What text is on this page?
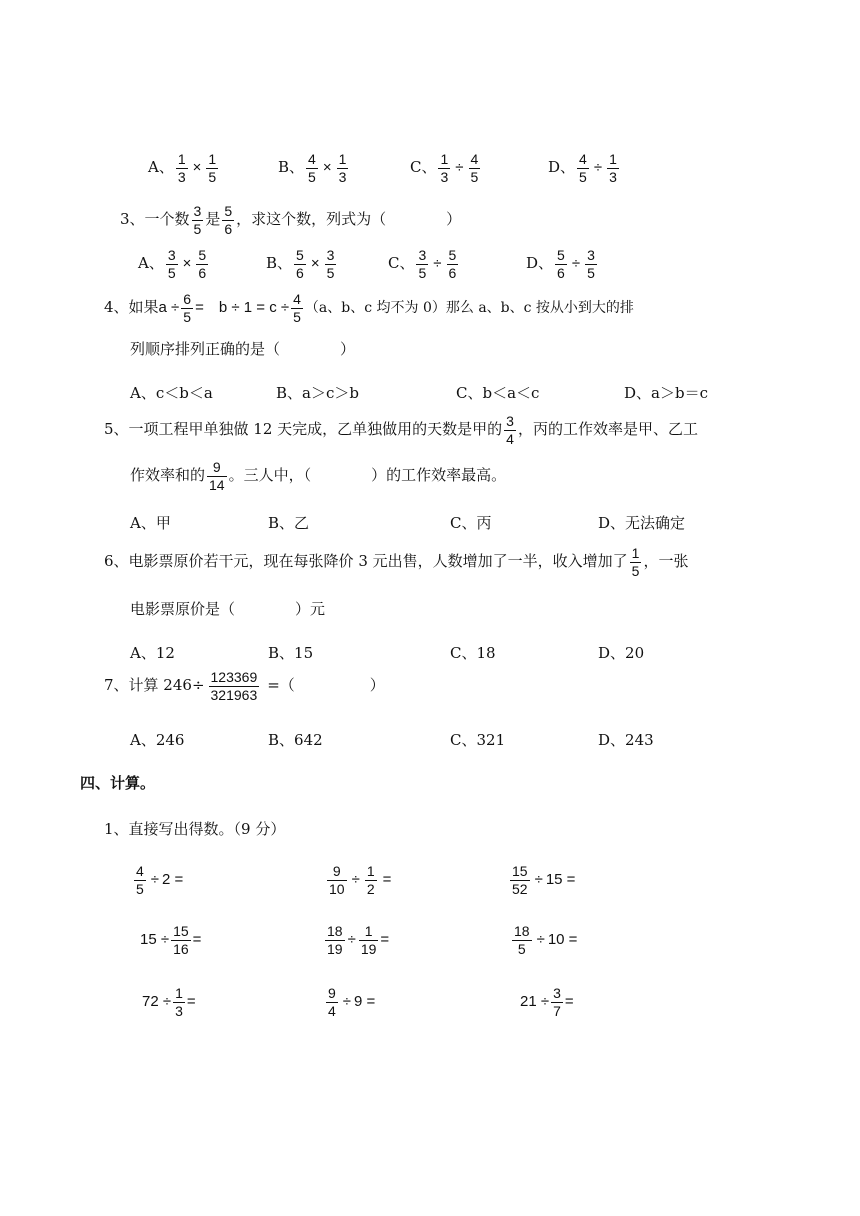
A、 $\frac{1}{3} \times \frac{1}{5}$	B、 $\frac{4}{5} \times \frac{1}{3}$	C、 $\frac{1}{3} \div \frac{4}{5}$	D、 $\frac{4}{5} \div \frac{1}{3}$
3、一个数 $\frac{3}{5}$ 是 $\frac{5}{6}$ ，求这个数，列式为（　　　　）
A、 $\frac{3}{5} \times \frac{5}{6}$	B、 $\frac{5}{6} \times \frac{3}{5}$	C、 $\frac{3}{5} \div \frac{5}{6}$	D、 $\frac{5}{6} \div \frac{3}{5}$
4、如果$a \div \frac{6}{5}$ =　$b \div 1 = c \div \frac{4}{5} (a$、b、c 均不为 0）那么 a、b、c 按从小到大的排
列顺序排列正确的是（　　　　）
A、c＜b＜a	B、a＞c＞b	C、b＜a＜c	D、a＞b＝c
5、一项工程甲单独做 12 天完成，乙单独做用的天数是甲的 $\frac{3}{4}$ ，丙的工作效率是甲、乙工
作效率和的 $\frac{9}{14}$ 。三人中，（　　　　）的工作效率最高。
A、甲	B、乙	C、丙	D、无法确定
6、电影票原价若干元，现在每张降价 3 元出售，人数增加了一半，收入增加了 $\frac{1}{5}$ ，一张
电影票原价是（　　　　）元
A、12	B、15	C、18	D、20
7、计算 $246\div \frac{123369}{321963}$ =（　　　　　）
A、246	B、642	C、321	D、243
四、计算。
1、直接写出得数。（9 分）
$\frac{4}{5} \div 2$ =	$\frac{9}{10} \div \frac{1}{2}$ =	$\frac{15}{52} \div 15$ =
$15 \div \frac{15}{16}$ =	$\frac{18}{19} \div \frac{1}{19}$ =	$\frac{18}{5} \div 10$ =
$72 \div \frac{1}{3}$ =	$\frac{9}{4} \div 9$ =	$21 \div \frac{3}{7}$ =
